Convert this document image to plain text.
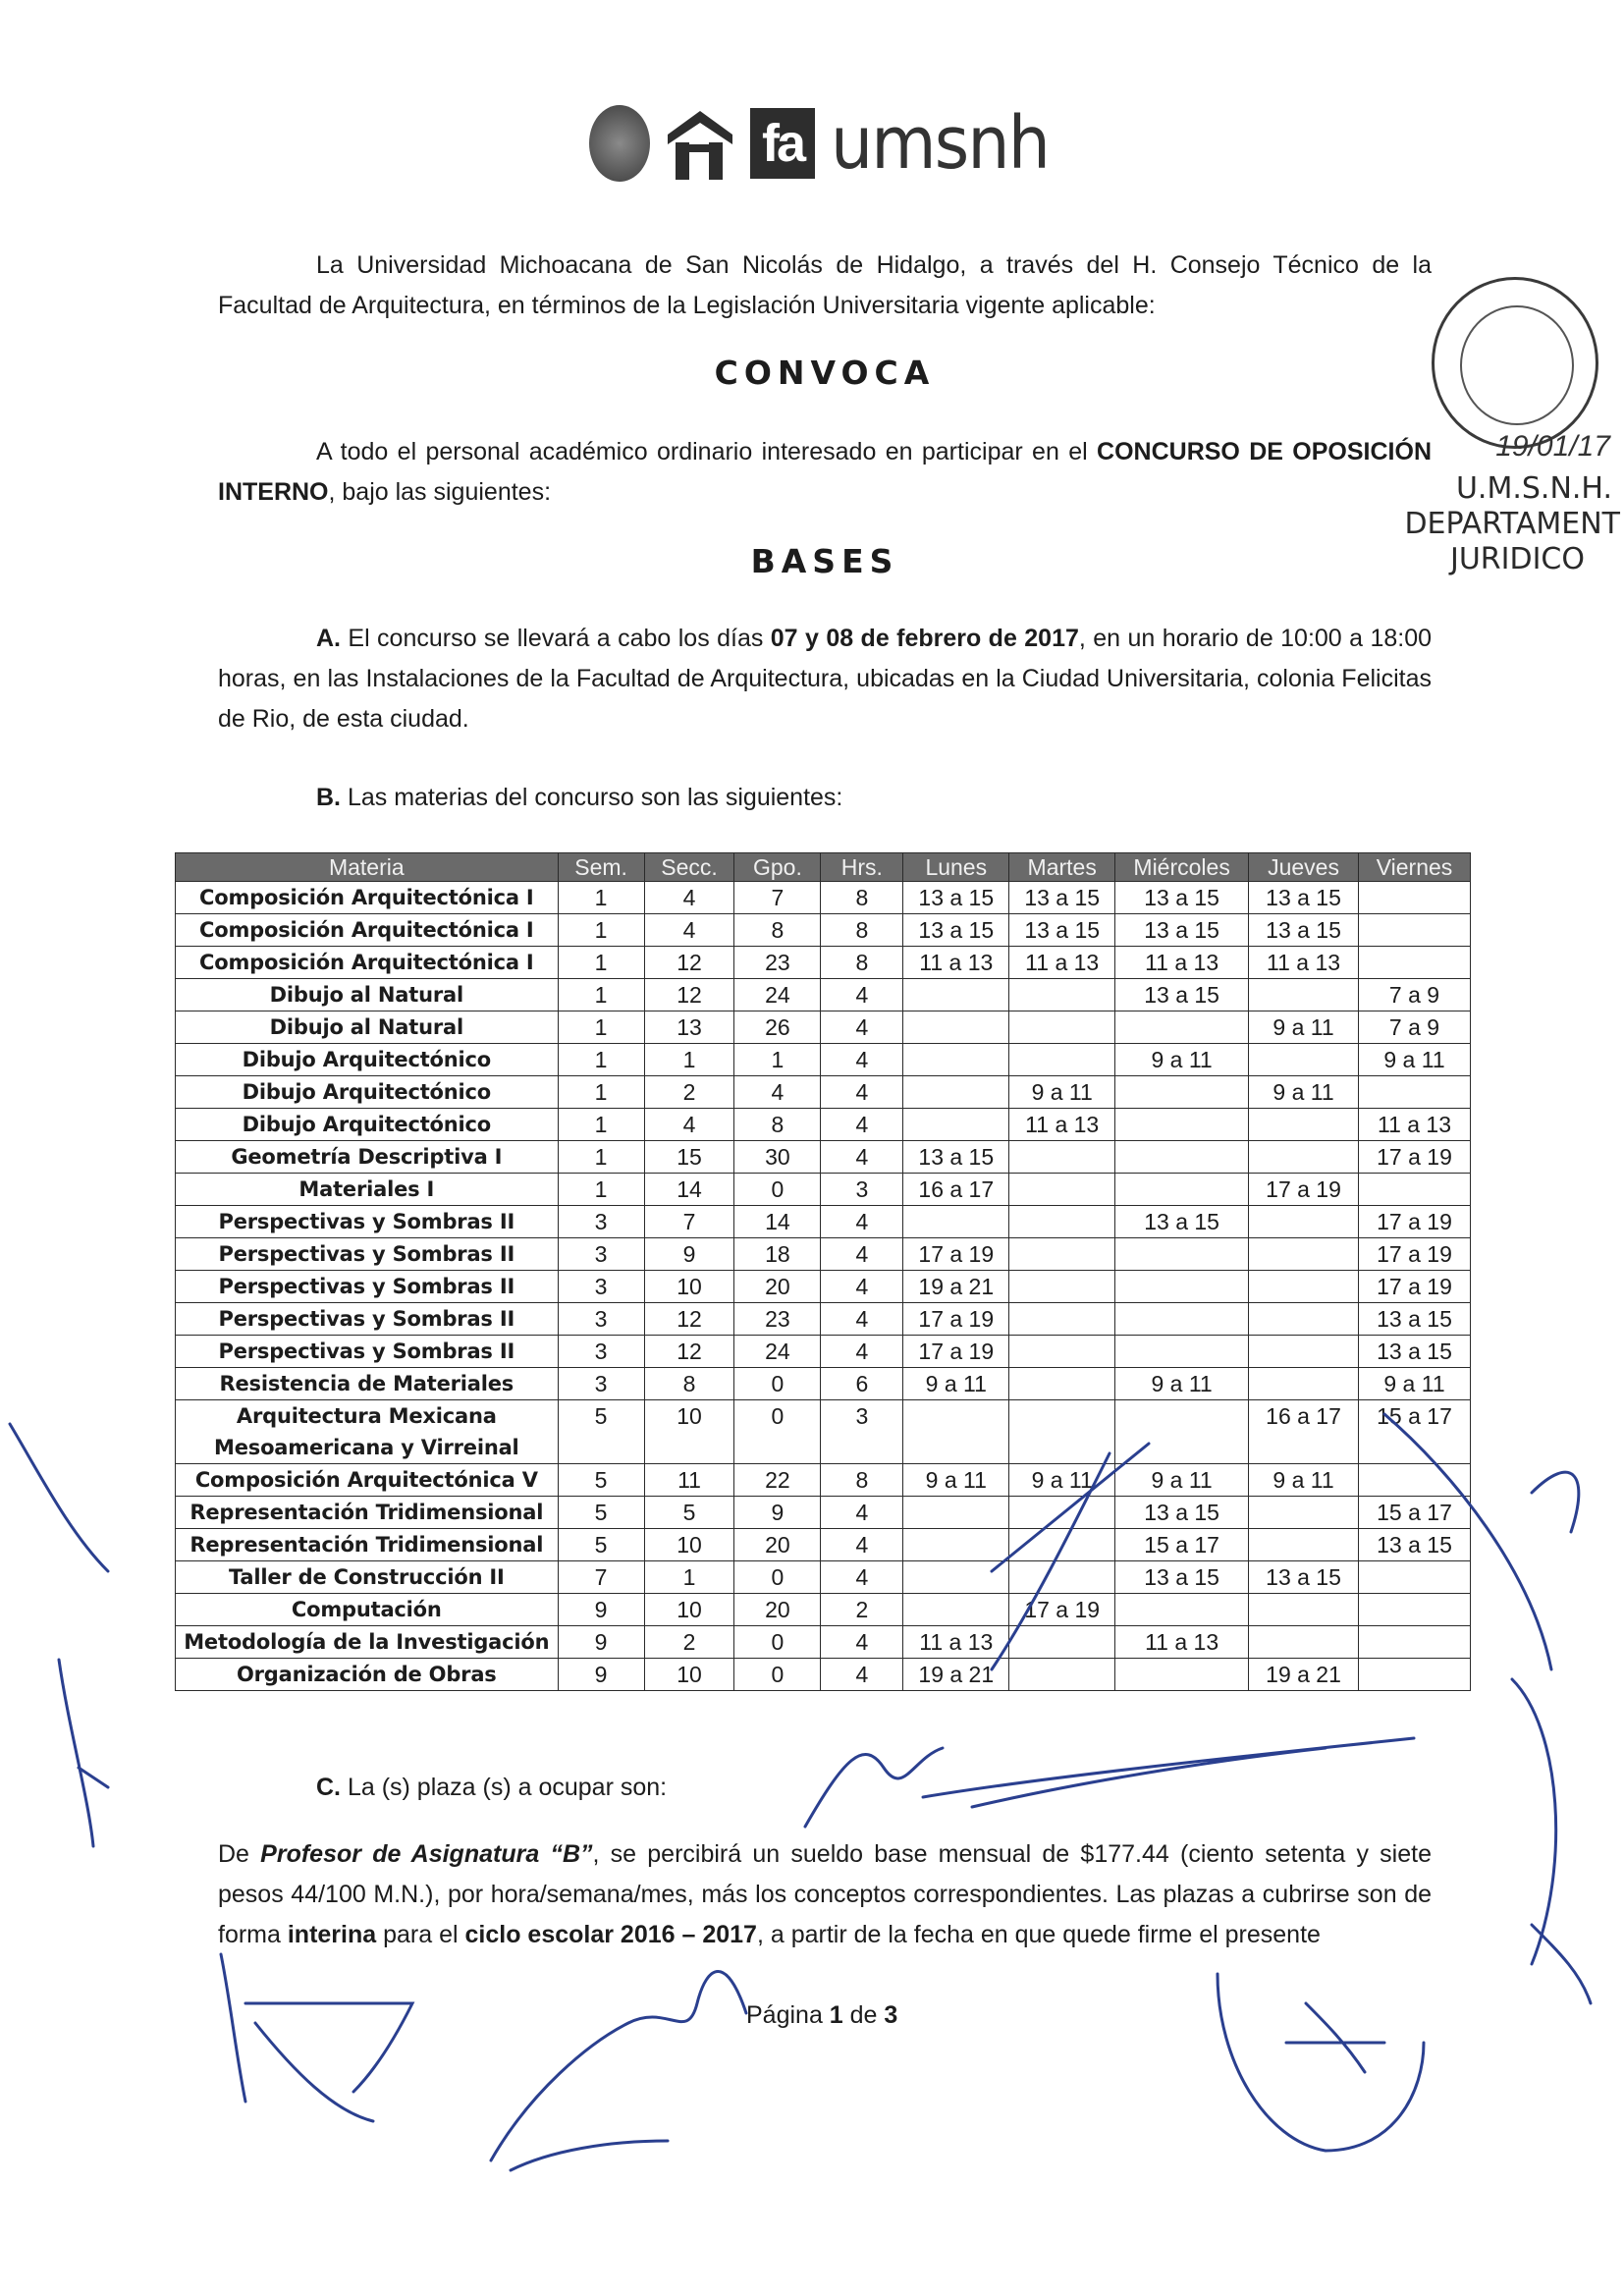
fa umsnh

La Universidad Michoacana de San Nicolás de Hidalgo, a través del H. Consejo Técnico de la Facultad de Arquitectura, en términos de la Legislación Universitaria vigente aplicable:

CONVOCA

A todo el personal académico ordinario interesado en participar en el CONCURSO DE OPOSICIÓN INTERNO, bajo las siguientes:

BASES

A. El concurso se llevará a cabo los días 07 y 08 de febrero de 2017, en un horario de 10:00 a 18:00 horas, en las Instalaciones de la Facultad de Arquitectura, ubicadas en la Ciudad Universitaria, colonia Felicitas de Rio, de esta ciudad.

B. Las materias del concurso son las siguientes:

Materia	Sem.	Secc.	Gpo.	Hrs.	Lunes	Martes	Miércoles	Jueves	Viernes
Composición Arquitectónica I	1	4	7	8	13 a 15	13 a 15	13 a 15	13 a 15	
Composición Arquitectónica I	1	4	8	8	13 a 15	13 a 15	13 a 15	13 a 15	
Composición Arquitectónica I	1	12	23	8	11 a 13	11 a 13	11 a 13	11 a 13	
Dibujo al Natural	1	12	24	4			13 a 15		7 a 9
Dibujo al Natural	1	13	26	4				9 a 11	7 a 9
Dibujo Arquitectónico	1	1	1	4			9 a 11		9 a 11
Dibujo Arquitectónico	1	2	4	4		9 a 11		9 a 11	
Dibujo Arquitectónico	1	4	8	4		11 a 13			11 a 13
Geometría Descriptiva I	1	15	30	4	13 a 15				17 a 19
Materiales I	1	14	0	3	16 a 17			17 a 19	
Perspectivas y Sombras II	3	7	14	4			13 a 15		17 a 19
Perspectivas y Sombras II	3	9	18	4	17 a 19				17 a 19
Perspectivas y Sombras II	3	10	20	4	19 a 21				17 a 19
Perspectivas y Sombras II	3	12	23	4	17 a 19				13 a 15
Perspectivas y Sombras II	3	12	24	4	17 a 19				13 a 15
Resistencia de Materiales	3	8	0	6	9 a 11		9 a 11		9 a 11
Arquitectura Mexicana Mesoamericana y Virreinal	5	10	0	3				16 a 17	15 a 17
Composición Arquitectónica V	5	11	22	8	9 a 11	9 a 11	9 a 11	9 a 11	
Representación Tridimensional	5	5	9	4			13 a 15		15 a 17
Representación Tridimensional	5	10	20	4			15 a 17		13 a 15
Taller de Construcción II	7	1	0	4			13 a 15	13 a 15	
Computación	9	10	20	2		17 a 19			
Metodología de la Investigación	9	2	0	4	11 a 13		11 a 13		
Organización de Obras	9	10	0	4	19 a 21			19 a 21	

C. La (s) plaza (s) a ocupar son:

De Profesor de Asignatura “B”, se percibirá un sueldo base mensual de $177.44 (ciento setenta y siete pesos 44/100 M.N.), por hora/semana/mes, más los conceptos correspondientes. Las plazas a cubrirse son de forma interina para el ciclo escolar 2016 – 2017, a partir de la fecha en que quede firme el presente

Página 1 de 3
19/01/17
U.M.S.N.H.
DEPARTAMENT
JURIDICO
